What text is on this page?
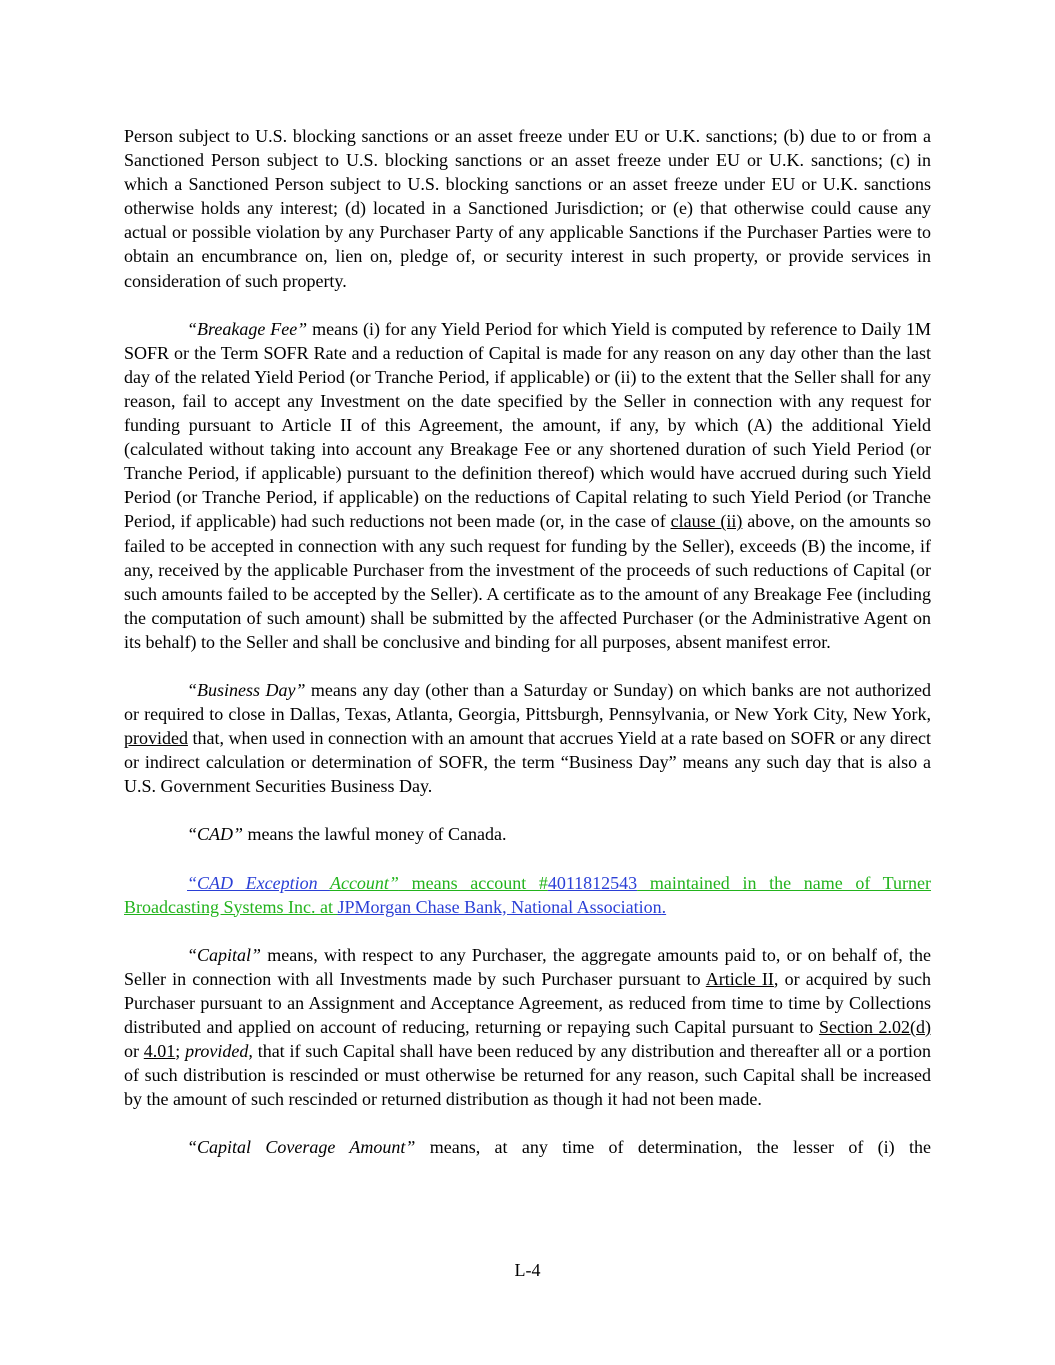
Person subject to U.S. blocking sanctions or an asset freeze under EU or U.K. sanctions; (b) due to or from a Sanctioned Person subject to U.S. blocking sanctions or an asset freeze under EU or U.K. sanctions; (c) in which a Sanctioned Person subject to U.S. blocking sanctions or an asset freeze under EU or U.K. sanctions otherwise holds any interest; (d) located in a Sanctioned Jurisdiction; or (e) that otherwise could cause any actual or possible violation by any Purchaser Party of any applicable Sanctions if the Purchaser Parties were to obtain an encumbrance on, lien on, pledge of, or security interest in such property, or provide services in consideration of such property.

“Breakage Fee” means (i) for any Yield Period for which Yield is computed by reference to Daily 1M SOFR or the Term SOFR Rate and a reduction of Capital is made for any reason on any day other than the last day of the related Yield Period (or Tranche Period, if applicable) or (ii) to the extent that the Seller shall for any reason, fail to accept any Investment on the date specified by the Seller in connection with any request for funding pursuant to Article II of this Agreement, the amount, if any, by which (A) the additional Yield (calculated without taking into account any Breakage Fee or any shortened duration of such Yield Period (or Tranche Period, if applicable) pursuant to the definition thereof) which would have accrued during such Yield Period (or Tranche Period, if applicable) on the reductions of Capital relating to such Yield Period (or Tranche Period, if applicable) had such reductions not been made (or, in the case of clause (ii) above, on the amounts so failed to be accepted in connection with any such request for funding by the Seller), exceeds (B) the income, if any, received by the applicable Purchaser from the investment of the proceeds of such reductions of Capital (or such amounts failed to be accepted by the Seller). A certificate as to the amount of any Breakage Fee (including the computation of such amount) shall be submitted by the affected Purchaser (or the Administrative Agent on its behalf) to the Seller and shall be conclusive and binding for all purposes, absent manifest error.

“Business Day” means any day (other than a Saturday or Sunday) on which banks are not authorized or required to close in Dallas, Texas, Atlanta, Georgia, Pittsburgh, Pennsylvania, or New York City, New York, provided that, when used in connection with an amount that accrues Yield at a rate based on SOFR or any direct or indirect calculation or determination of SOFR, the term “Business Day” means any such day that is also a U.S. Government Securities Business Day.

“CAD” means the lawful money of Canada.

“CAD Exception Account” means account #4011812543 maintained in the name of Turner Broadcasting Systems Inc. at JPMorgan Chase Bank, National Association.

“Capital” means, with respect to any Purchaser, the aggregate amounts paid to, or on behalf of, the Seller in connection with all Investments made by such Purchaser pursuant to Article II, or acquired by such Purchaser pursuant to an Assignment and Acceptance Agreement, as reduced from time to time by Collections distributed and applied on account of reducing, returning or repaying such Capital pursuant to Section 2.02(d) or 4.01; provided, that if such Capital shall have been reduced by any distribution and thereafter all or a portion of such distribution is rescinded or must otherwise be returned for any reason, such Capital shall be increased by the amount of such rescinded or returned distribution as though it had not been made.

“Capital Coverage Amount” means, at any time of determination, the lesser of (i) the

L-4
